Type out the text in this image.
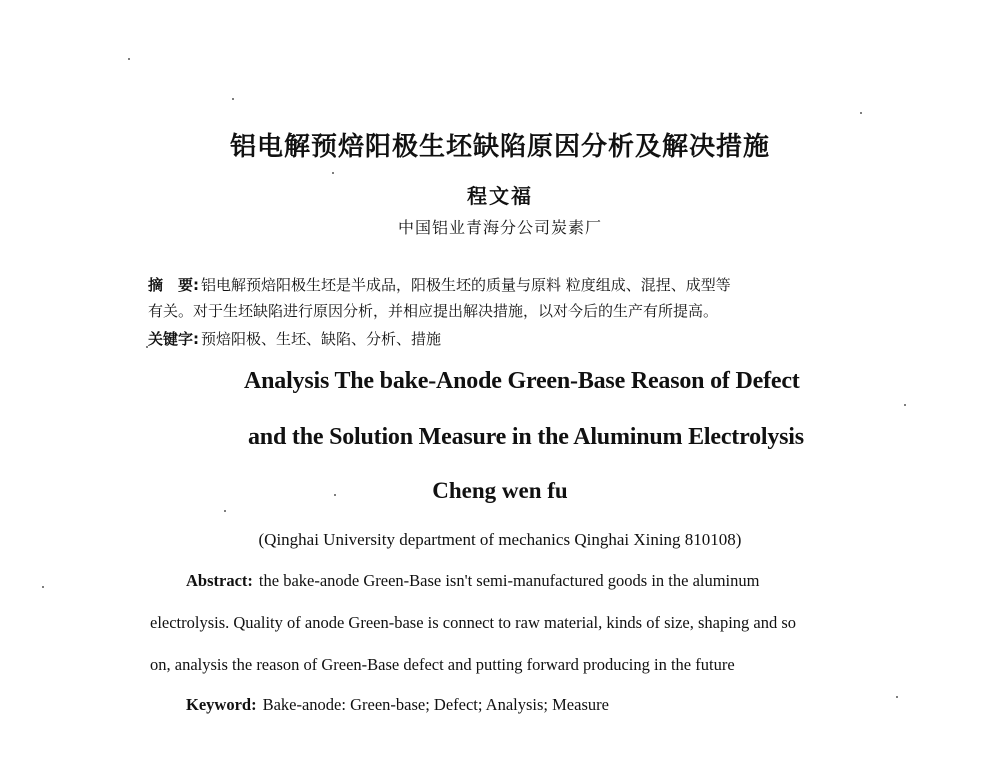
铝电解预焙阳极生坯缺陷原因分析及解决措施
程文福
中国铝业青海分公司炭素厂
摘　要: 铝电解预焙阳极生坯是半成品，阳极生坯的质量与原料 粒度组成、混捏、成型等
有关。对于生坯缺陷进行原因分析，并相应提出解决措施，以对今后的生产有所提高。
关键字: 预焙阳极、生坯、缺陷、分析、措施
Analysis The bake-Anode Green-Base Reason of Defect
and the Solution Measure in the Aluminum Electrolysis
Cheng wen fu
(Qinghai University department of mechanics Qinghai Xining 810108)
Abstract: the bake-anode Green-Base isn't semi-manufactured goods in the aluminum
electrolysis. Quality of anode Green-base is connect to raw material, kinds of size, shaping and so
on, analysis the reason of Green-Base defect and putting forward producing in the future
Keyword: Bake-anode: Green-base; Defect; Analysis; Measure
